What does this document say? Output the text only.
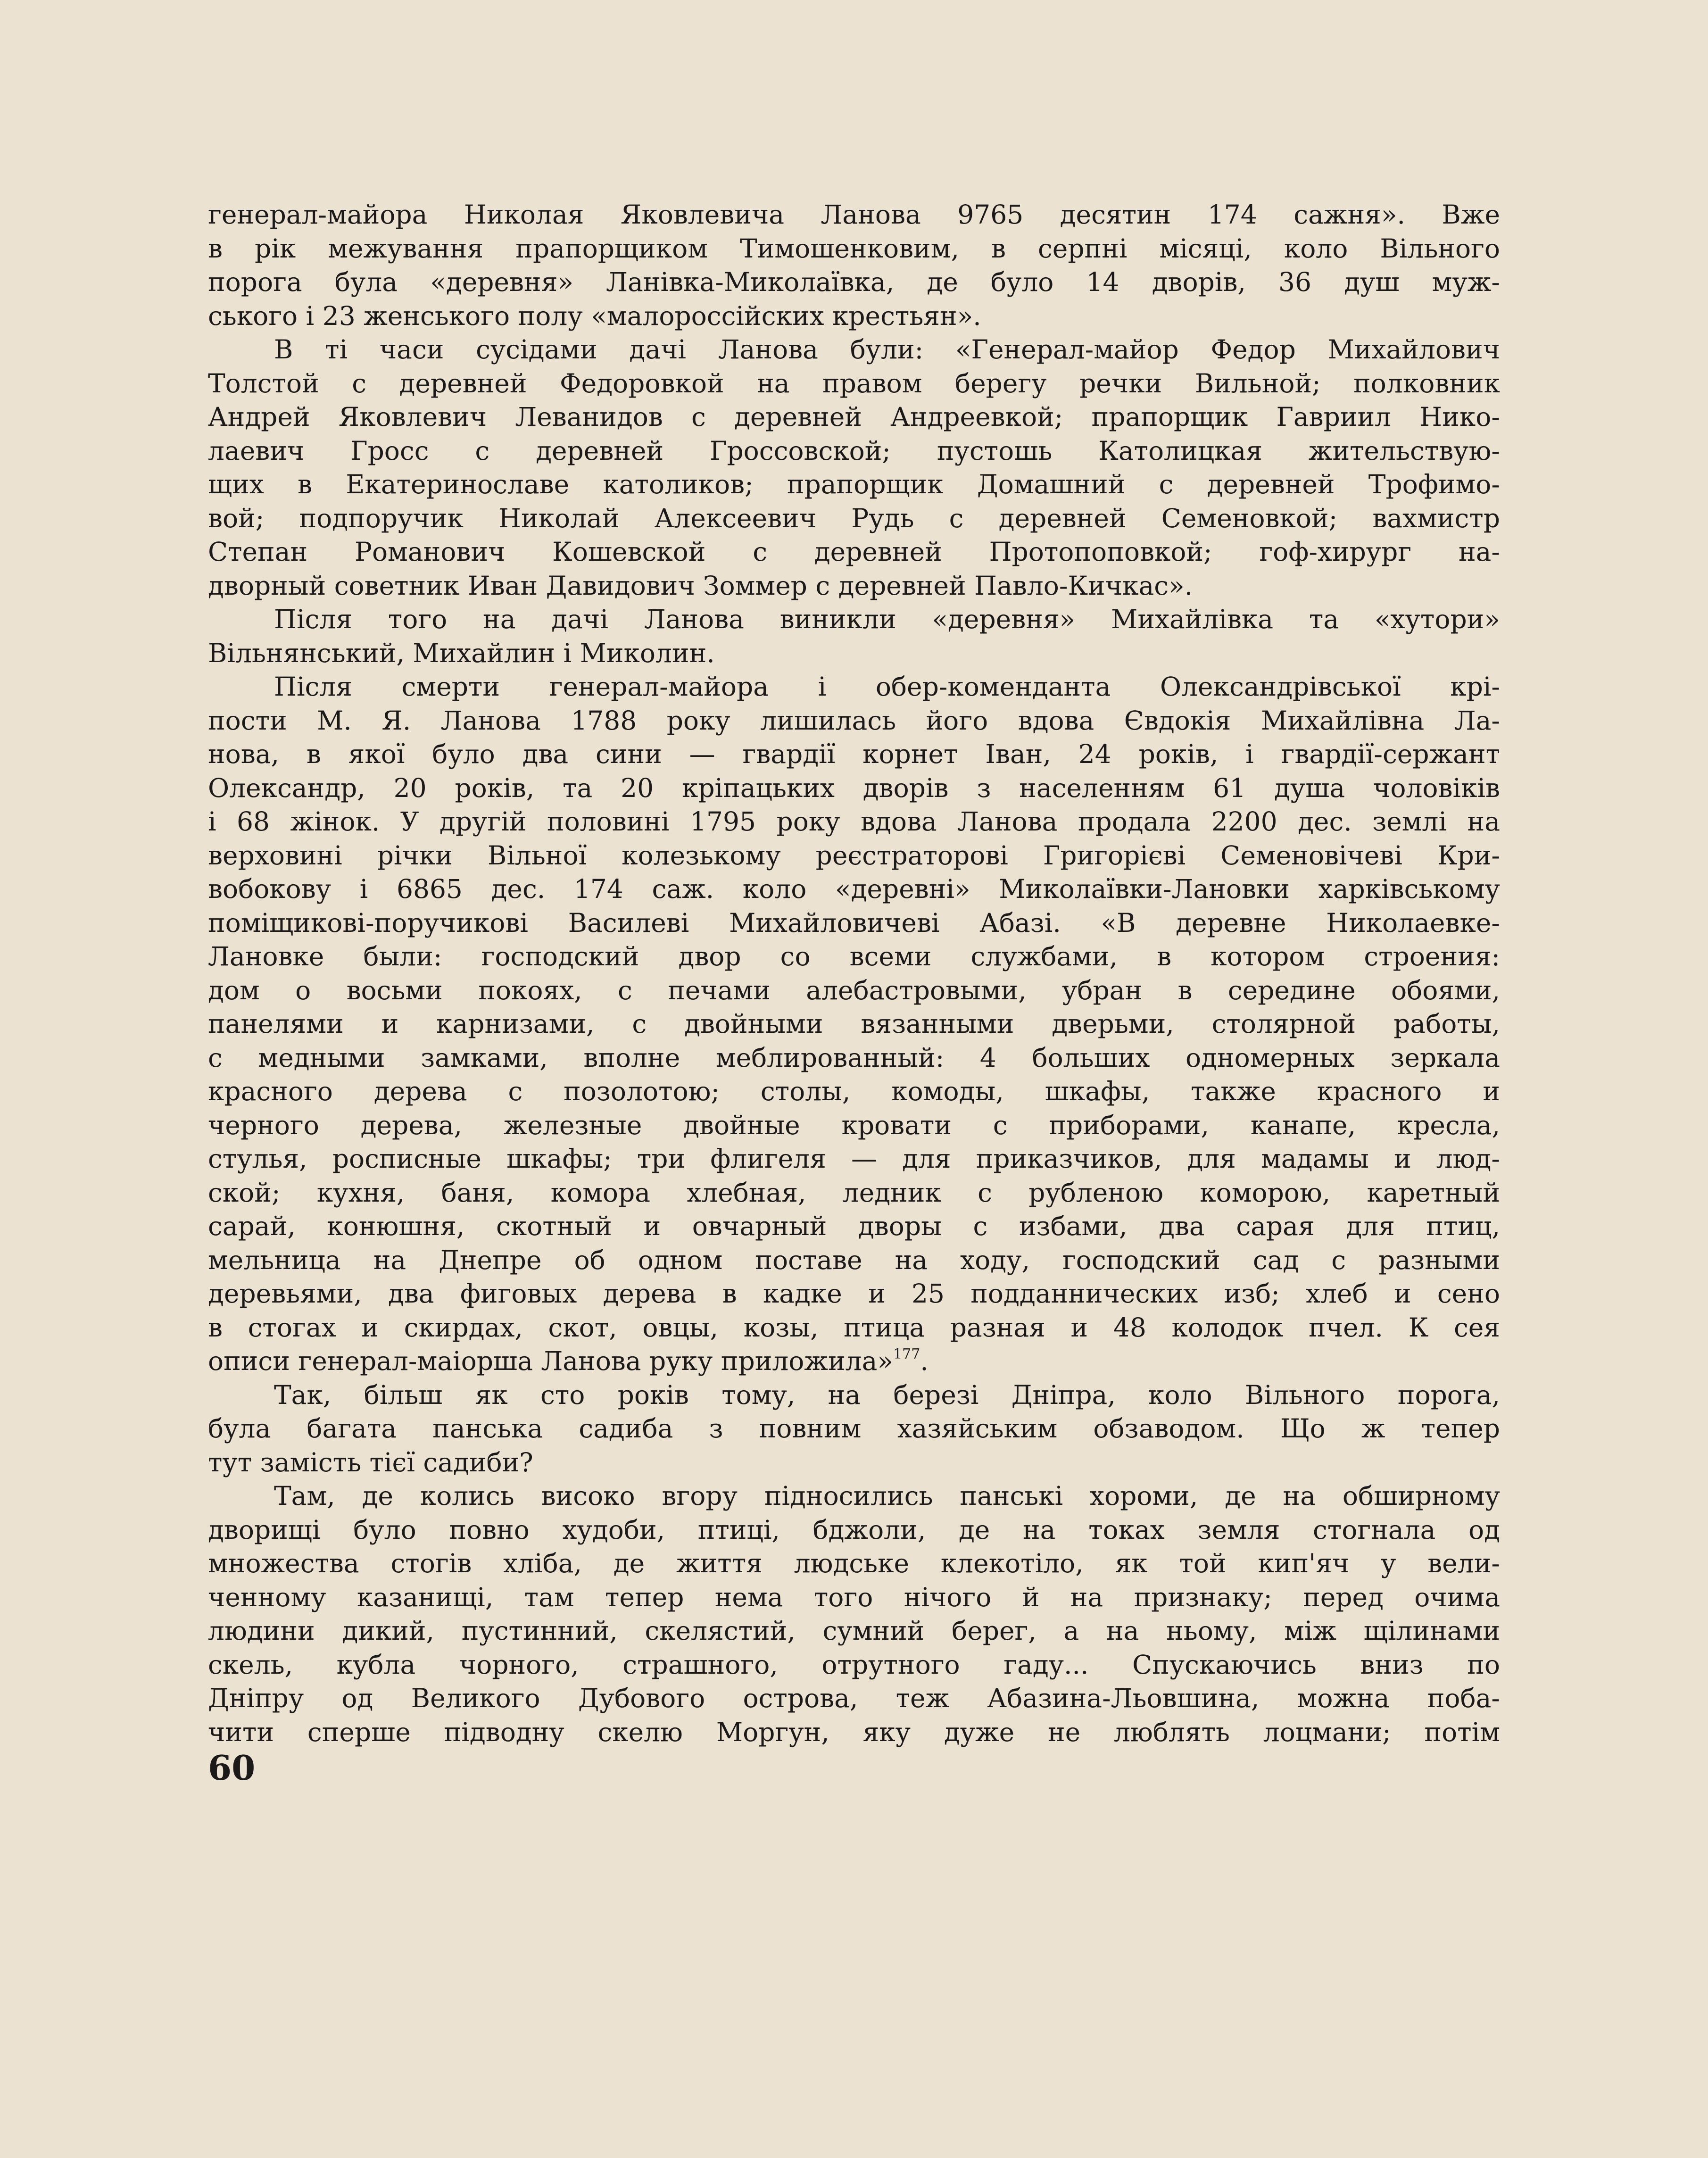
генерал-майора Николая Яковлевича Ланова 9765 десятин 174 сажня». Вже
в рік межування прапорщиком Тимошенковим, в серпні місяці, коло Вільного
порога була «деревня» Ланівка-Миколаївка, де було 14 дворів, 36 душ муж-
ського і 23 женського полу «малороссійских крестьян».
В ті часи сусідами дачі Ланова були: «Генерал-майор Федор Михайлович
Толстой с деревней Федоровкой на правом берегу речки Вильной; полковник
Андрей Яковлевич Леванидов с деревней Андреевкой; прапорщик Гавриил Нико-
лаевич Гросс с деревней Гроссовской; пустошь Католицкая жительствую-
щих в Екатеринославе католиков; прапорщик Домашний с деревней Трофимо-
вой; подпоручик Николай Алексеевич Рудь с деревней Семеновкой; вахмистр
Степан Романович Кошевской с деревней Протопоповкой; гоф-хирург на-
дворный советник Иван Давидович Зоммер с деревней Павло-Кичкас».
Після того на дачі Ланова виникли «деревня» Михайлівка та «хутори»
Вільнянський, Михайлин і Миколин.
Після смерти генерал-майора і обер-коменданта Олександрівської крі-
пости М. Я. Ланова 1788 року лишилась його вдова Євдокія Михайлівна Ла-
нова, в якої було два сини — гвардії корнет Іван, 24 років, і гвардії-сержант
Олександр, 20 років, та 20 кріпацьких дворів з населенням 61 душа чоловіків
і 68 жінок. У другій половині 1795 року вдова Ланова продала 2200 дес. землі на
верховині річки Вільної колезькому реєстраторові Григорієві Семеновічеві Кри-
вобокову і 6865 дес. 174 саж. коло «деревні» Миколаївки-Лановки харківському
поміщикові-поручикові Василеві Михайловичеві Абазі. «В деревне Николаевке-
Лановке были: господский двор со всеми службами, в котором строения:
дом о восьми покоях, с печами алебастровыми, убран в середине обоями,
панелями и карнизами, с двойными вязанными дверьми, столярной работы,
с медными замками, вполне меблированный: 4 больших одномерных зеркала
красного дерева с позолотою; столы, комоды, шкафы, также красного и
черного дерева, железные двойные кровати с приборами, канапе, кресла,
стулья, росписные шкафы; три флигеля — для приказчиков, для мадамы и люд-
ской; кухня, баня, комора хлебная, ледник с рубленою коморою, каретный
сарай, конюшня, скотный и овчарный дворы с избами, два сарая для птиц,
мельница на Днепре об одном поставе на ходу, господский сад с разными
деревьями, два фиговых дерева в кадке и 25 подданнических изб; хлеб и сено
в стогах и скирдах, скот, овцы, козы, птица разная и 48 колодок пчел. К сея
описи генерал-маіорша Ланова руку приложила»$^{177}$.
Так, більш як сто років тому, на березі Дніпра, коло Вільного порога,
була багата панська садиба з повним хазяйським обзаводом. Що ж тепер
тут замість тієї садиби?
Там, де колись високо вгору підносились панські хороми, де на обширному
дворищі було повно худоби, птиці, бджоли, де на токах земля стогнала од
множества стогів хліба, де життя людське клекотіло, як той кип'яч у вели-
ченному казанищі, там тепер нема того нічого й на признаку; перед очима
людини дикий, пустинний, скелястий, сумний берег, а на ньому, між щілинами
скель, кубла чорного, страшного, отрутного гаду... Спускаючись вниз по
Дніпру од Великого Дубового острова, теж Абазина-Льовшина, можна поба-
чити сперше підводну скелю Моргун, яку дуже не люблять лоцмани; потім
60
